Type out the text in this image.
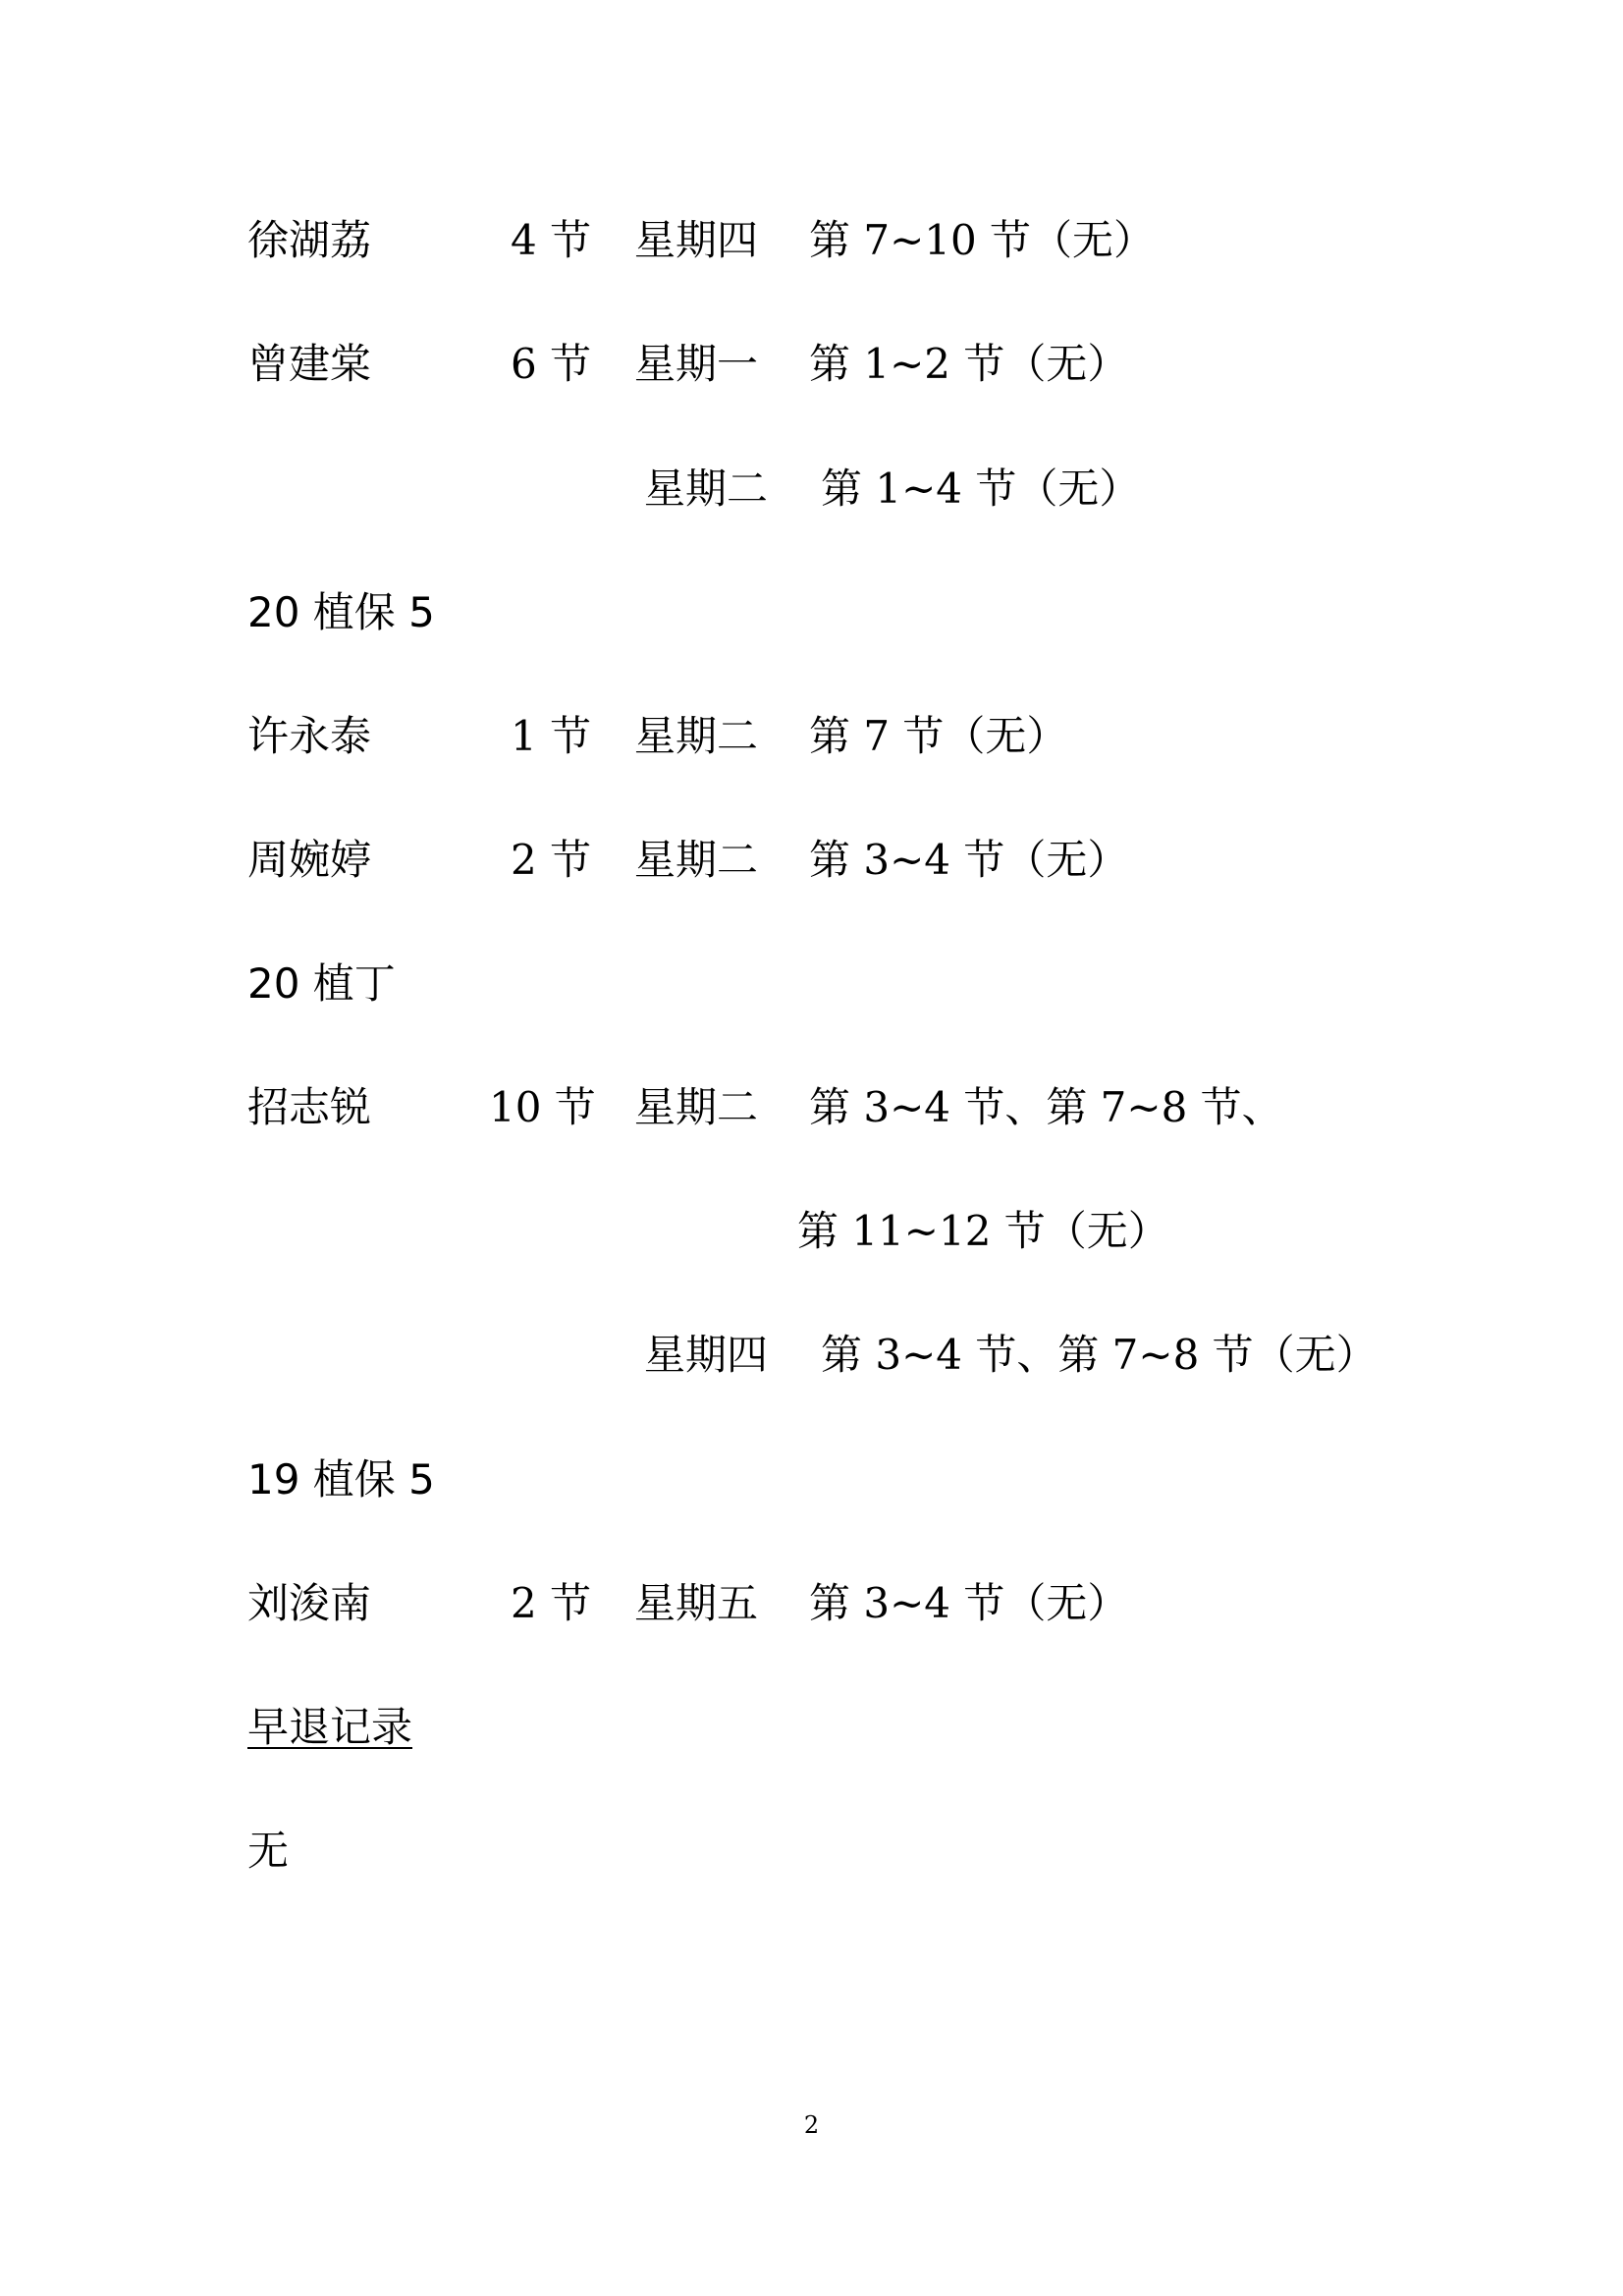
徐湖荔	4 节 星期四 第 7~10 节（无）

曾建棠	6 节 星期一 第 1~2 节（无）

星期二 第 1~4 节（无）

20 植保 5

许永泰	1 节 星期二 第 7 节（无）

周婉婷	2 节 星期二 第 3~4 节（无）

20 植丁

招志锐	10 节 星期二 第 3~4 节、第 7~8 节、

第 11~12 节（无）

星期四 第 3~4 节、第 7~8 节（无）

19 植保 5

刘浚南	2 节 星期五 第 3~4 节（无）

早退记录

无

2
